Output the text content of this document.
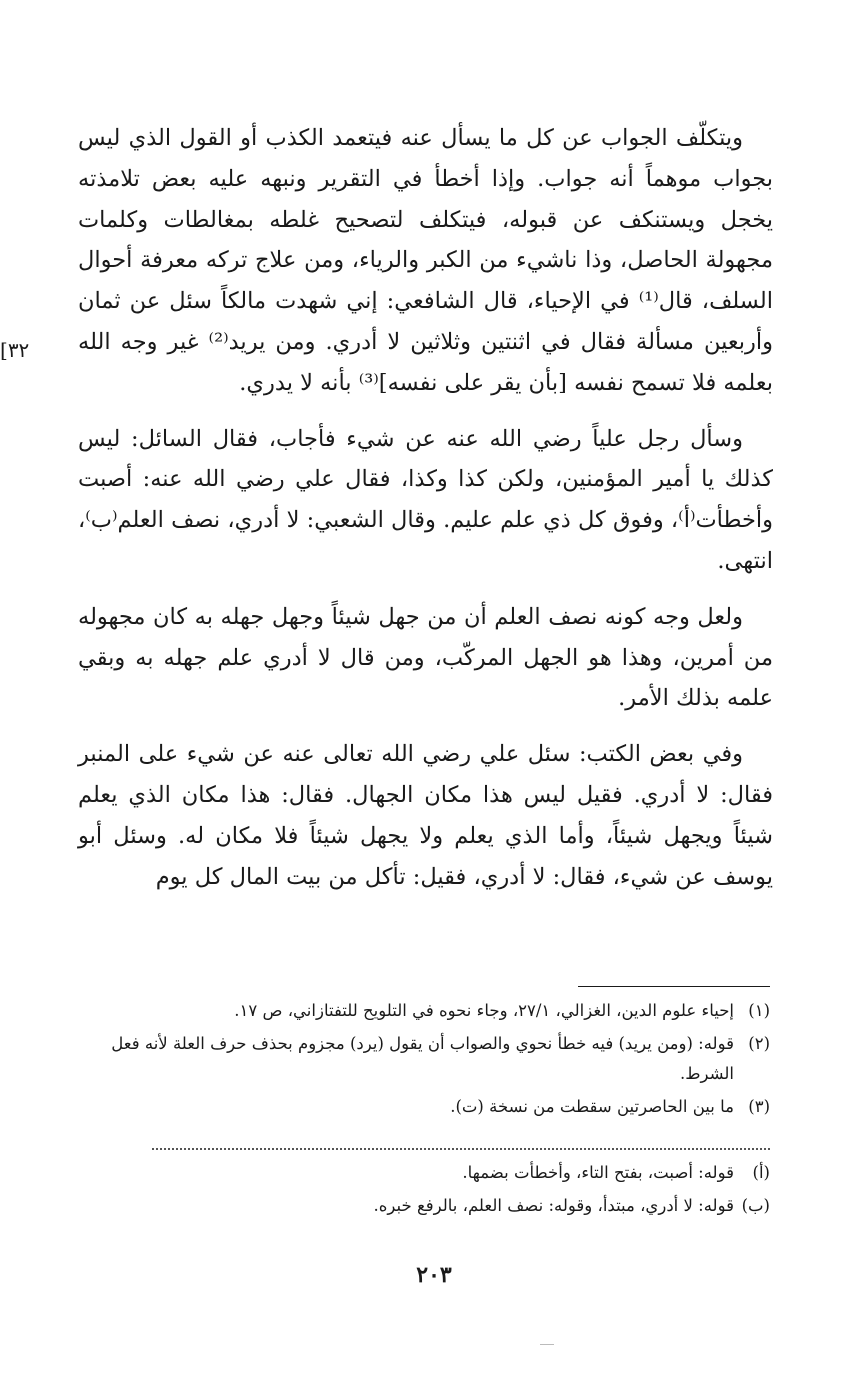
[٣٢

ويتكلّف الجواب عن كل ما يسأل عنه فيتعمد الكذب أو القول الذي ليس بجواب موهماً أنه جواب. وإذا أخطأ في التقرير ونبهه عليه بعض تلامذته يخجل ويستنكف عن قبوله، فيتكلف لتصحيح غلطه بمغالطات وكلمات مجهولة الحاصل، وذا ناشيء من الكبر والرياء، ومن علاج تركه معرفة أحوال السلف، قال⁽¹⁾ في الإحياء، قال الشافعي: إني شهدت مالكاً سئل عن ثمان وأربعين مسألة فقال في اثنتين وثلاثين لا أدري. ومن يريد⁽²⁾ غير وجه الله بعلمه فلا تسمح نفسه [بأن يقر على نفسه]⁽³⁾ بأنه لا يدري.

وسأل رجل علياً رضي الله عنه عن شيء فأجاب، فقال السائل: ليس كذلك يا أمير المؤمنين، ولكن كذا وكذا، فقال علي رضي الله عنه: أصبت وأخطأت⁽أ⁾، وفوق كل ذي علم عليم. وقال الشعبي: لا أدري، نصف العلم⁽ب⁾، انتهى.

ولعل وجه كونه نصف العلم أن من جهل شيئاً وجهل جهله به كان مجهوله من أمرين، وهذا هو الجهل المركّب، ومن قال لا أدري علم جهله به وبقي علمه بذلك الأمر.

وفي بعض الكتب: سئل علي رضي الله تعالى عنه عن شيء على المنبر فقال: لا أدري. فقيل ليس هذا مكان الجهال. فقال: هذا مكان الذي يعلم شيئاً ويجهل شيئاً، وأما الذي يعلم ولا يجهل شيئاً فلا مكان له. وسئل أبو يوسف عن شيء، فقال: لا أدري، فقيل: تأكل من بيت المال كل يوم

(١)
إحياء علوم الدين، الغزالي، ٢٧/١، وجاء نحوه في التلويح للتفتازاني، ص ١٧.
(٢)
قوله: (ومن يريد) فيه خطأ نحوي والصواب أن يقول (يرد) مجزوم بحذف حرف العلة لأنه فعل الشرط.
(٣)
ما بين الحاصرتين سقطت من نسخة (ت).
(أ)
قوله: أصبت، بفتح التاء، وأخطأت بضمها.
(ب)
قوله: لا أدري، مبتدأ، وقوله: نصف العلم، بالرفع خبره.
٢٠٣
